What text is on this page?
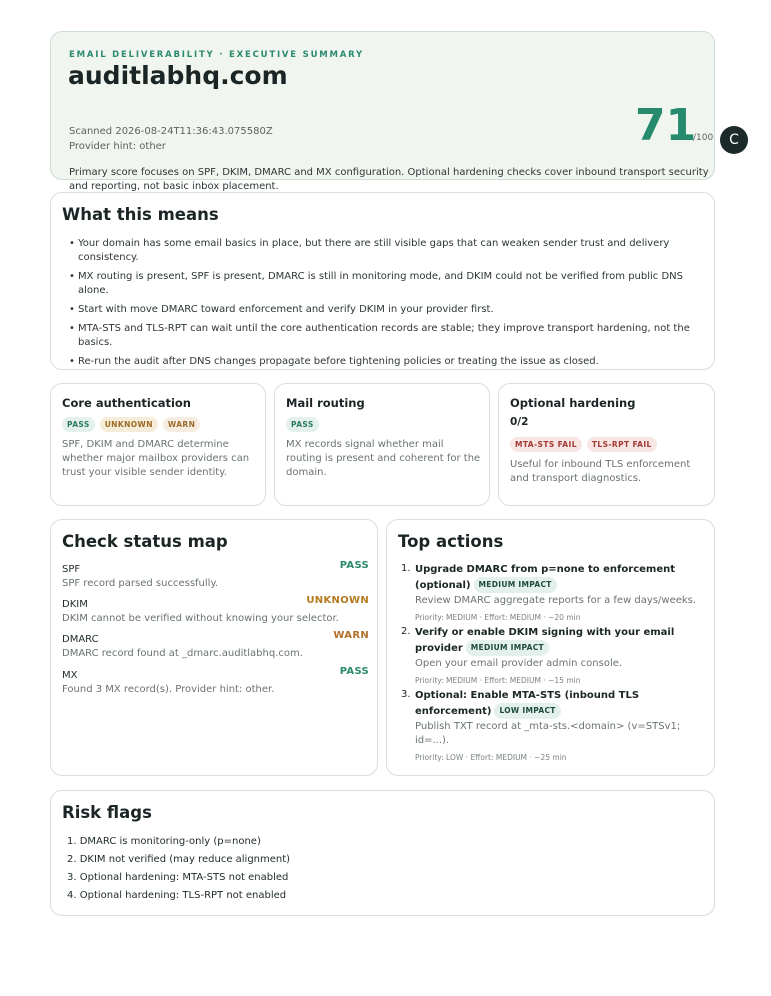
EMAIL DELIVERABILITY · EXECUTIVE SUMMARY
auditlabhq.com
Scanned 2026-08-24T11:36:43.075580Z
Provider hint: other
Primary score focuses on SPF, DKIM, DMARC and MX configuration. Optional hardening checks cover inbound transport security and reporting, not basic inbox placement.
71
/100	C
What this means
• Your domain has some email basics in place, but there are still visible gaps that can weaken sender trust and delivery consistency.
• MX routing is present, SPF is present, DMARC is still in monitoring mode, and DKIM could not be verified from public DNS alone.
• Start with move DMARC toward enforcement and verify DKIM in your provider first.
• MTA-STS and TLS-RPT can wait until the core authentication records are stable; they improve transport hardening, not the basics.
• Re-run the audit after DNS changes propagate before tightening policies or treating the issue as closed.
Core authentication
PASS	UNKNOWN	WARN
SPF, DKIM and DMARC determine whether major mailbox providers can trust your visible sender identity.
Mail routing
PASS
MX records signal whether mail routing is present and coherent for the domain.
Optional hardening
0/2
MTA-STS FAIL	TLS-RPT FAIL
Useful for inbound TLS enforcement and transport diagnostics.
Check status map
SPF	PASS
SPF record parsed successfully.
DKIM	UNKNOWN
DKIM cannot be verified without knowing your selector.
DMARC	WARN
DMARC record found at _dmarc.auditlabhq.com.
MX	PASS
Found 3 MX record(s). Provider hint: other.
Top actions
1. Upgrade DMARC from p=none to enforcement (optional) MEDIUM IMPACT
Review DMARC aggregate reports for a few days/weeks.
Priority: MEDIUM · Effort: MEDIUM · ~20 min
2. Verify or enable DKIM signing with your email provider MEDIUM IMPACT
Open your email provider admin console.
Priority: MEDIUM · Effort: MEDIUM · ~15 min
3. Optional: Enable MTA-STS (inbound TLS enforcement) LOW IMPACT
Publish TXT record at _mta-sts.<domain> (v=STSv1; id=...).
Priority: LOW · Effort: MEDIUM · ~25 min
Risk flags
1. DMARC is monitoring-only (p=none)
2. DKIM not verified (may reduce alignment)
3. Optional hardening: MTA-STS not enabled
4. Optional hardening: TLS-RPT not enabled
